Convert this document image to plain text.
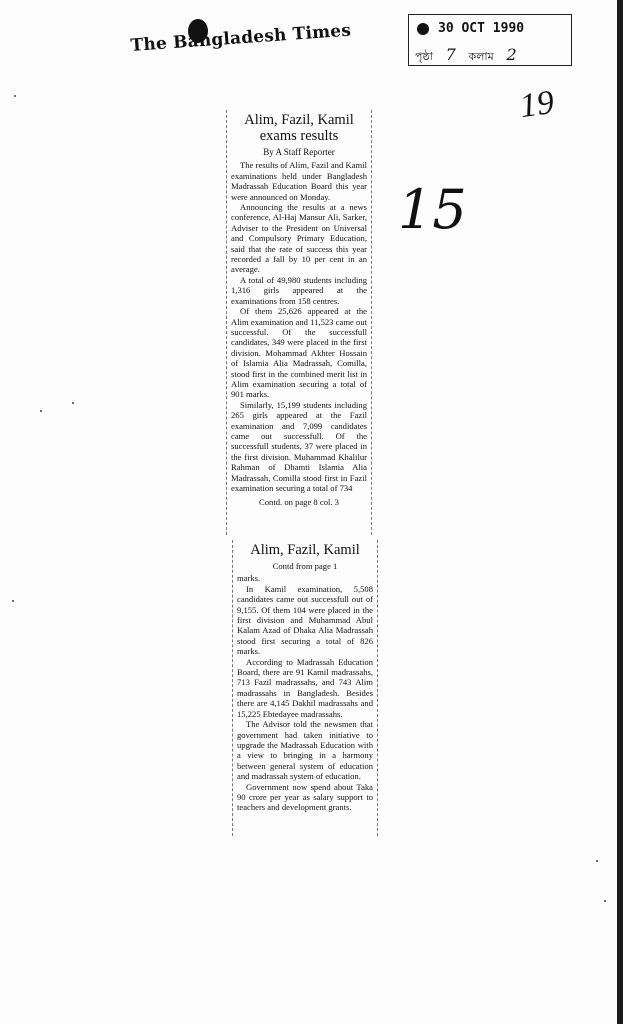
The Bangladesh Times	30 OCT 1990
পৃষ্ঠা 7 কলাম 2
19
15
Alim, Fazil, Kamil exams results
By A Staff Reporter

The results of Alim, Fazil and Kamil examinations held under Bangladesh Madrassah Education Board this year were announced on Monday.

Announcing the results at a news conference, Al-Haj Mansur Ali, Sarker, Adviser to the President on Universal and Compulsory Primary Education, said that the rate of success this year recorded a fall by 10 per cent in an average.

A total of 49,980 students including 1,316 girls appeared at the examinations from 158 centres.

Of them 25,626 appeared at the Alim examination and 11,523 came out successful. Of the successfull candidates, 349 were placed in the first division. Mohammad Akhter Hossain of Islamia Alia Madrassah, Comilla, stood first in the combined merit list in Alim examination securing a total of 901 marks.

Similarly, 15,199 students including 265 girls appeared at the Fazil examination and 7,099 candidates came out successfull. Of the successfull students, 37 were placed in the first division. Muhammad Khalilur Rahman of Dhamti Islamia Alia Madrassah, Comilla stood first in Fazil examination securing a total of 734

Contd. on page 8 col. 3
Alim, Fazil, Kamil
Contd from page 1

marks.

In Kamil examination, 5,508 candidates came out successfull out of 9,155. Of them 104 were placed in the first division and Muhammad Abul Kalam Azad of Dhaka Alia Madrassah stood first securing a total of 826 marks.

According to Madrassah Education Board, there are 91 Kamil madrassahs, 713 Fazil madrassahs, and 743 Alim madrassahs in Bangladesh. Besides there are 4,145 Dakhil madrassahs and 15,225 Ebtedayee madrassahs.

The Advisor told the newsmen that government had taken initiative to upgrade the Madrassah Education with a view to bringing in a harmony between general system of education and madrassah system of education.

Government now spend about Taka 90 crore per year as salary support to teachers and development grants.
